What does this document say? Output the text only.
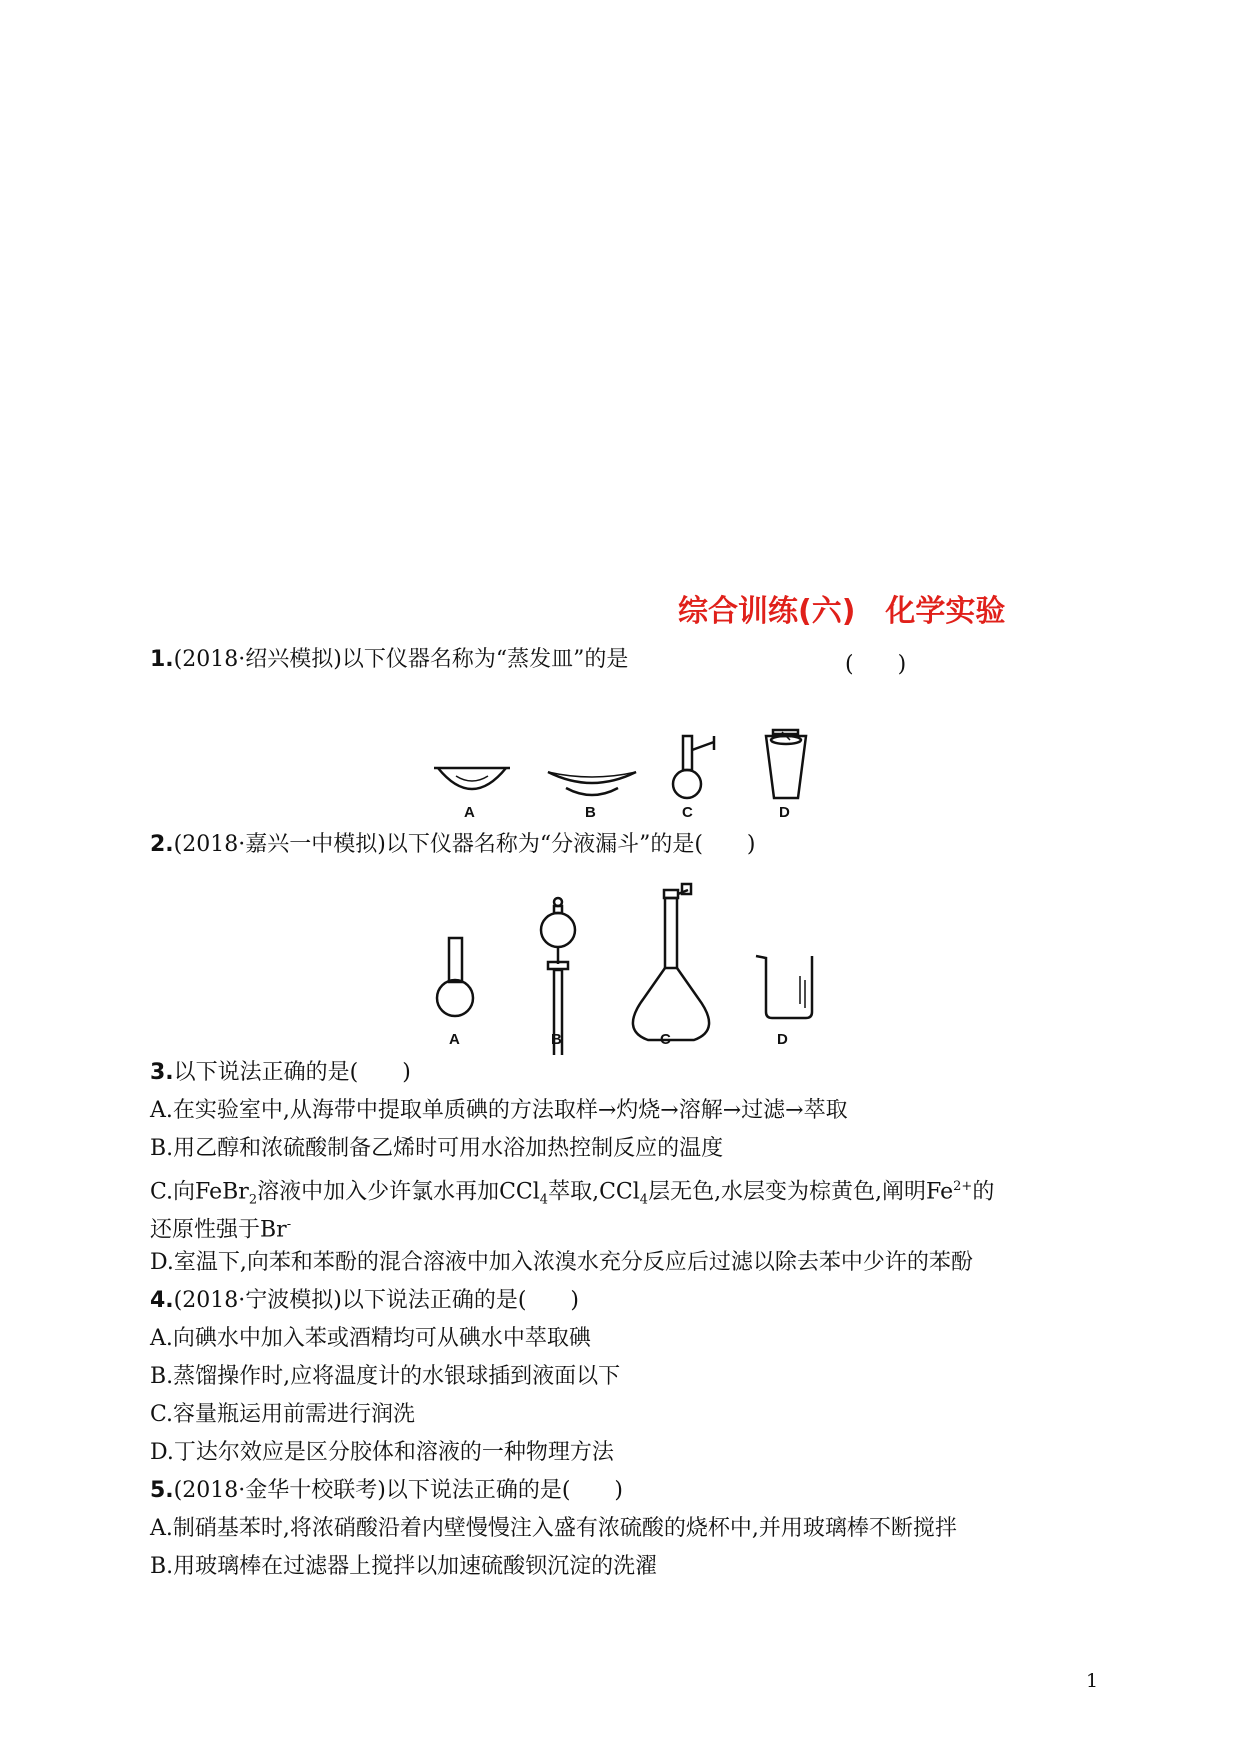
综合训练(六)　化学实验
1.(2018·绍兴模拟)以下仪器名称为“蒸发皿”的是	(　　)
A	B	C	D
2.(2018·嘉兴一中模拟)以下仪器名称为“分液漏斗”的是(　　)
A	B	C	D
3.以下说法正确的是(　　)
A.在实验室中,从海带中提取单质碘的方法取样→灼烧→溶解→过滤→萃取
B.用乙醇和浓硫酸制备乙烯时可用水浴加热控制反应的温度
C.向FeBr$_2$溶液中加入少许氯水再加CCl$_4$萃取,CCl$_4$层无色,水层变为棕黄色,阐明$Fe^{2+}$的
还原性强于Br-
D.室温下,向苯和苯酚的混合溶液中加入浓溴水充分反应后过滤以除去苯中少许的苯酚
4.(2018·宁波模拟)以下说法正确的是(　　)
A.向碘水中加入苯或酒精均可从碘水中萃取碘
B.蒸馏操作时,应将温度计的水银球插到液面以下
C.容量瓶运用前需进行润洗
D.丁达尔效应是区分胶体和溶液的一种物理方法
5.(2018·金华十校联考)以下说法正确的是(　　)
A.制硝基苯时,将浓硝酸沿着内壁慢慢注入盛有浓硫酸的烧杯中,并用玻璃棒不断搅拌
B.用玻璃棒在过滤器上搅拌以加速硫酸钡沉淀的洗濯
1
